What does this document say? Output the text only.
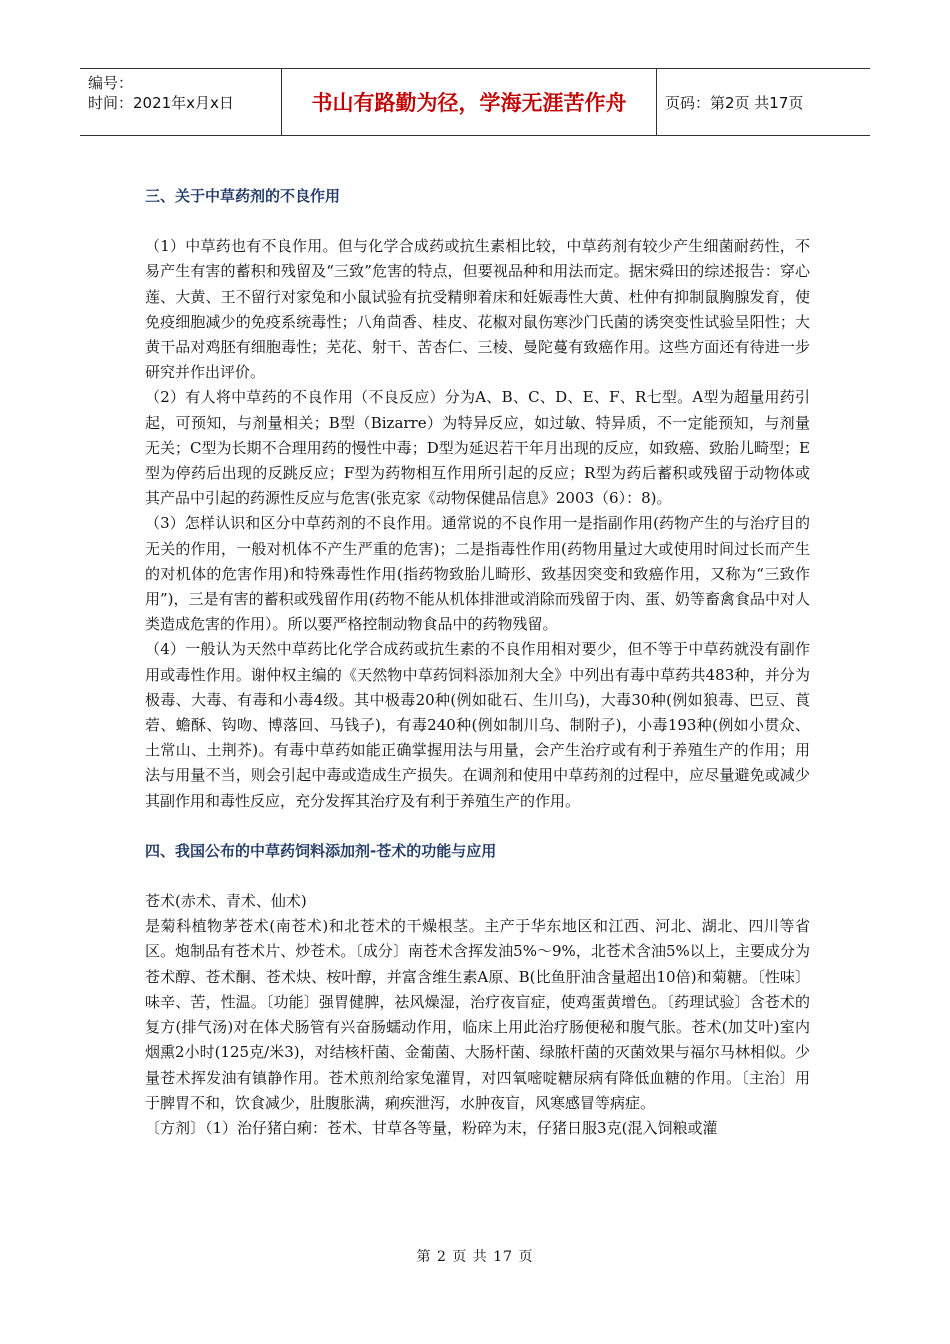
编号：
时间：2021年x月x日	书山有路勤为径，学海无涯苦作舟	页码：第2页 共17页

三、关于中草药剂的不良作用

（1）中草药也有不良作用。但与化学合成药或抗生素相比较，中草药剂有较少产生细菌耐药性，不易产生有害的蓄积和残留及“三致”危害的特点，但要视品种和用法而定。据宋舜田的综述报告：穿心莲、大黄、王不留行对家兔和小鼠试验有抗受精卵着床和妊娠毒性大黄、杜仲有抑制鼠胸腺发育，使免疫细胞减少的免疫系统毒性；八角茴香、桂皮、花椒对鼠伤寒沙门氏菌的诱突变性试验呈阳性；大黄干品对鸡胚有细胞毒性；芜花、射干、苦杏仁、三棱、曼陀蔓有致癌作用。这些方面还有待进一步研究并作出评价。

（2）有人将中草药的不良作用（不良反应）分为A、B、C、D、E、F、R七型。A型为超量用药引起，可预知，与剂量相关；B型（Bizarre）为特异反应，如过敏、特异质，不一定能预知，与剂量无关；C型为长期不合理用药的慢性中毒；D型为延迟若干年月出现的反应，如致癌、致胎儿畸型；E型为停药后出现的反跳反应；F型为药物相互作用所引起的反应；R型为药后蓄积或残留于动物体或其产品中引起的药源性反应与危害(张克家《动物保健品信息》2003（6）：8)。

（3）怎样认识和区分中草药剂的不良作用。通常说的不良作用一是指副作用(药物产生的与治疗目的无关的作用，一般对机体不产生严重的危害)；二是指毒性作用(药物用量过大或使用时间过长而产生的对机体的危害作用)和特殊毒性作用(指药物致胎儿畸形、致基因突变和致癌作用，又称为“三致作用”)，三是有害的蓄积或残留作用(药物不能从机体排泄或消除而残留于肉、蛋、奶等畜禽食品中对人类造成危害的作用）。所以要严格控制动物食品中的药物残留。

（4）一般认为天然中草药比化学合成药或抗生素的不良作用相对要少，但不等于中草药就没有副作用或毒性作用。谢仲权主编的《天然物中草药饲料添加剂大全》中列出有毒中草药共483种，并分为极毒、大毒、有毒和小毒4级。其中极毒20种(例如砒石、生川乌)，大毒30种(例如狼毒、巴豆、莨菪、蟾酥、钩吻、博落回、马钱子)，有毒240种(例如制川乌、制附子)，小毒193种(例如小贯众、土常山、土荆芥)。有毒中草药如能正确掌握用法与用量，会产生治疗或有利于养殖生产的作用；用法与用量不当，则会引起中毒或造成生产损失。在调剂和使用中草药剂的过程中，应尽量避免或减少其副作用和毒性反应，充分发挥其治疗及有利于养殖生产的作用。

四、我国公布的中草药饲料添加剂-苍术的功能与应用

苍术(赤术、青术、仙术)

是菊科植物茅苍术(南苍术)和北苍术的干燥根茎。主产于华东地区和江西、河北、湖北、四川等省区。炮制品有苍术片、炒苍术。〔成分〕南苍术含挥发油5%～9%，北苍术含油5%以上，主要成分为苍术醇、苍术酮、苍术炔、桉叶醇，并富含维生素A原、B(比鱼肝油含量超出10倍)和菊糖。〔性味〕味辛、苦，性温。〔功能〕强胃健脾，祛风燥湿，治疗夜盲症，使鸡蛋黄增色。〔药理试验〕含苍术的复方(排气汤)对在体犬肠管有兴奋肠蠕动作用，临床上用此治疗肠便秘和腹气胀。苍术(加艾叶)室内烟熏2小时(125克/米3)，对结核杆菌、金葡菌、大肠杆菌、绿脓杆菌的灭菌效果与福尔马林相似。少量苍术挥发油有镇静作用。苍术煎剂给家兔灌胃，对四氧嘧啶糖尿病有降低血糖的作用。〔主治〕用于脾胃不和，饮食减少，肚腹胀满，痢疾泄泻，水肿夜盲，风寒感冒等病症。

〔方剂〕（1）治仔猪白痢：苍术、甘草各等量，粉碎为末，仔猪日服3克(混入饲粮或灌

第 2 页 共 17 页
